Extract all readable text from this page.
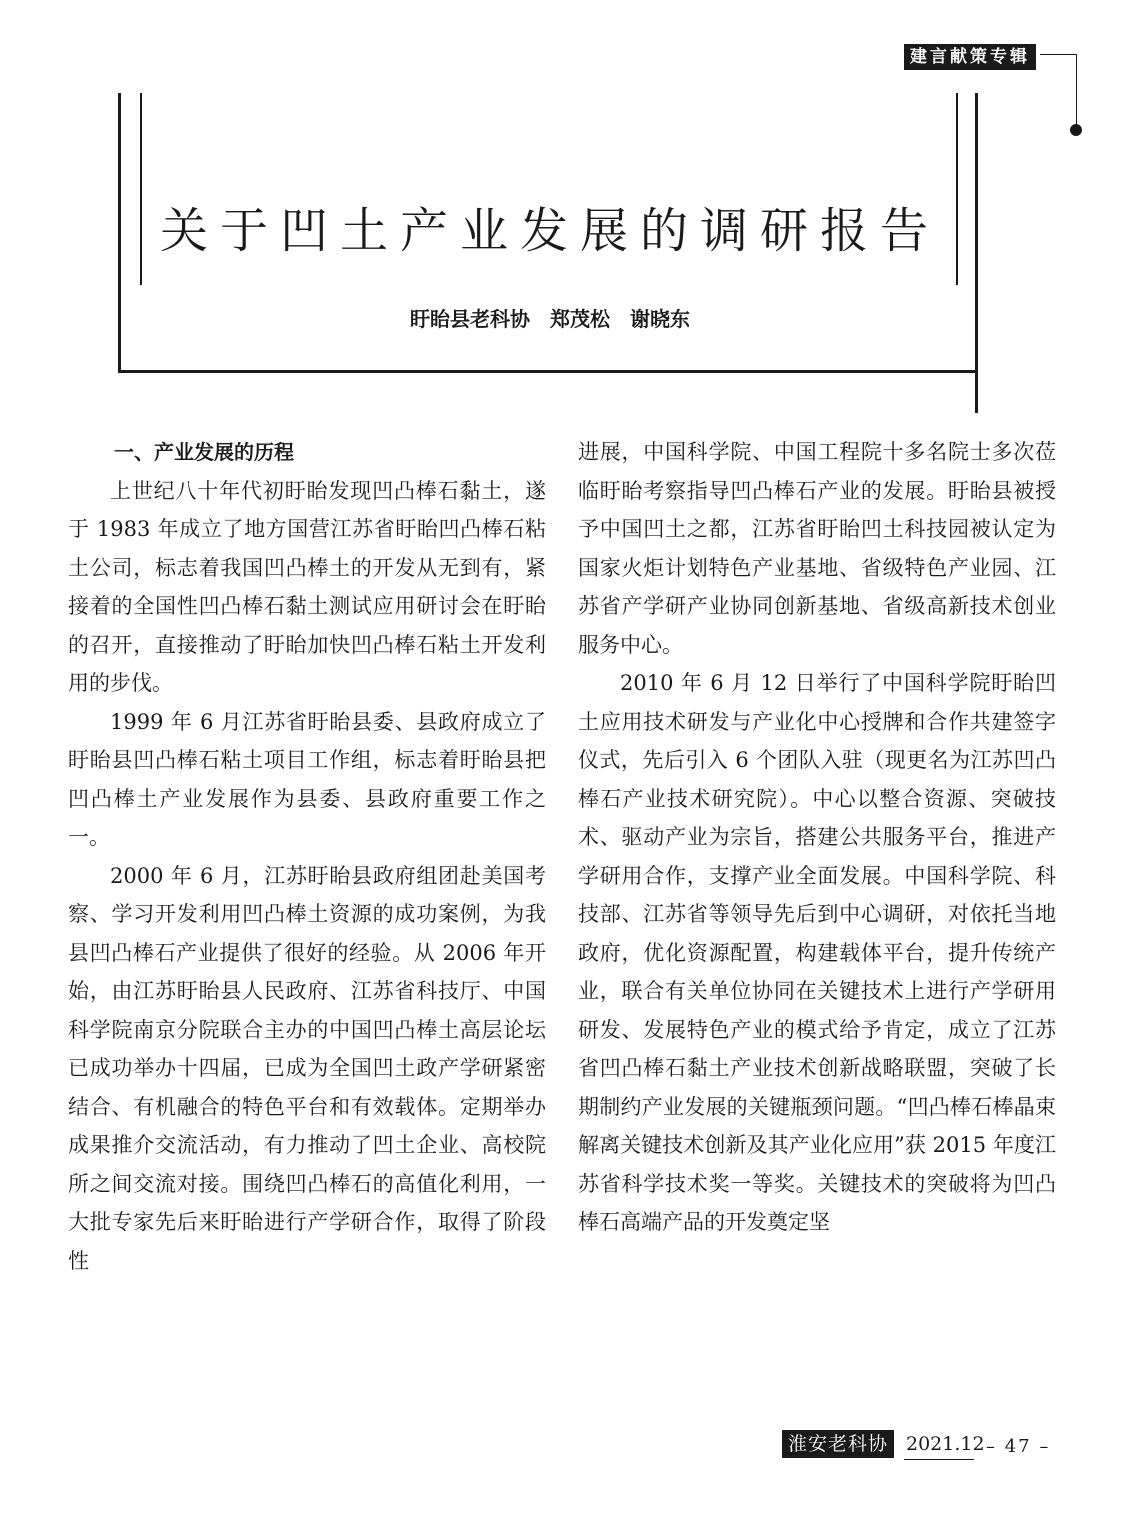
建言献策专辑
关于凹土产业发展的调研报告
盱眙县老科协　郑茂松　谢晓东
一、产业发展的历程

上世纪八十年代初盱眙发现凹凸棒石黏土，遂于 1983 年成立了地方国营江苏省盱眙凹凸棒石粘土公司，标志着我国凹凸棒土的开发从无到有，紧接着的全国性凹凸棒石黏土测试应用研讨会在盱眙的召开，直接推动了盱眙加快凹凸棒石粘土开发利用的步伐。

1999 年 6 月江苏省盱眙县委、县政府成立了盱眙县凹凸棒石粘土项目工作组，标志着盱眙县把凹凸棒土产业发展作为县委、县政府重要工作之一。

2000 年 6 月，江苏盱眙县政府组团赴美国考察、学习开发利用凹凸棒土资源的成功案例，为我县凹凸棒石产业提供了很好的经验。从 2006 年开始，由江苏盱眙县人民政府、江苏省科技厅、中国科学院南京分院联合主办的中国凹凸棒土高层论坛已成功举办十四届，已成为全国凹土政产学研紧密结合、有机融合的特色平台和有效载体。定期举办成果推介交流活动，有力推动了凹土企业、高校院所之间交流对接。围绕凹凸棒石的高值化利用，一大批专家先后来盱眙进行产学研合作，取得了阶段性

进展，中国科学院、中国工程院十多名院士多次莅临盱眙考察指导凹凸棒石产业的发展。盱眙县被授予中国凹土之都，江苏省盱眙凹土科技园被认定为国家火炬计划特色产业基地、省级特色产业园、江苏省产学研产业协同创新基地、省级高新技术创业服务中心。

2010 年 6 月 12 日举行了中国科学院盱眙凹土应用技术研发与产业化中心授牌和合作共建签字仪式，先后引入 6 个团队入驻（现更名为江苏凹凸棒石产业技术研究院）。中心以整合资源、突破技术、驱动产业为宗旨，搭建公共服务平台，推进产学研用合作，支撑产业全面发展。中国科学院、科技部、江苏省等领导先后到中心调研，对依托当地政府，优化资源配置，构建载体平台，提升传统产业，联合有关单位协同在关键技术上进行产学研用研发、发展特色产业的模式给予肯定，成立了江苏省凹凸棒石黏土产业技术创新战略联盟，突破了长期制约产业发展的关键瓶颈问题。“凹凸棒石棒晶束解离关键技术创新及其产业化应用”获 2015 年度江苏省科学技术奖一等奖。关键技术的突破将为凹凸棒石高端产品的开发奠定坚

淮安老科协 2021.12 – 47 –
